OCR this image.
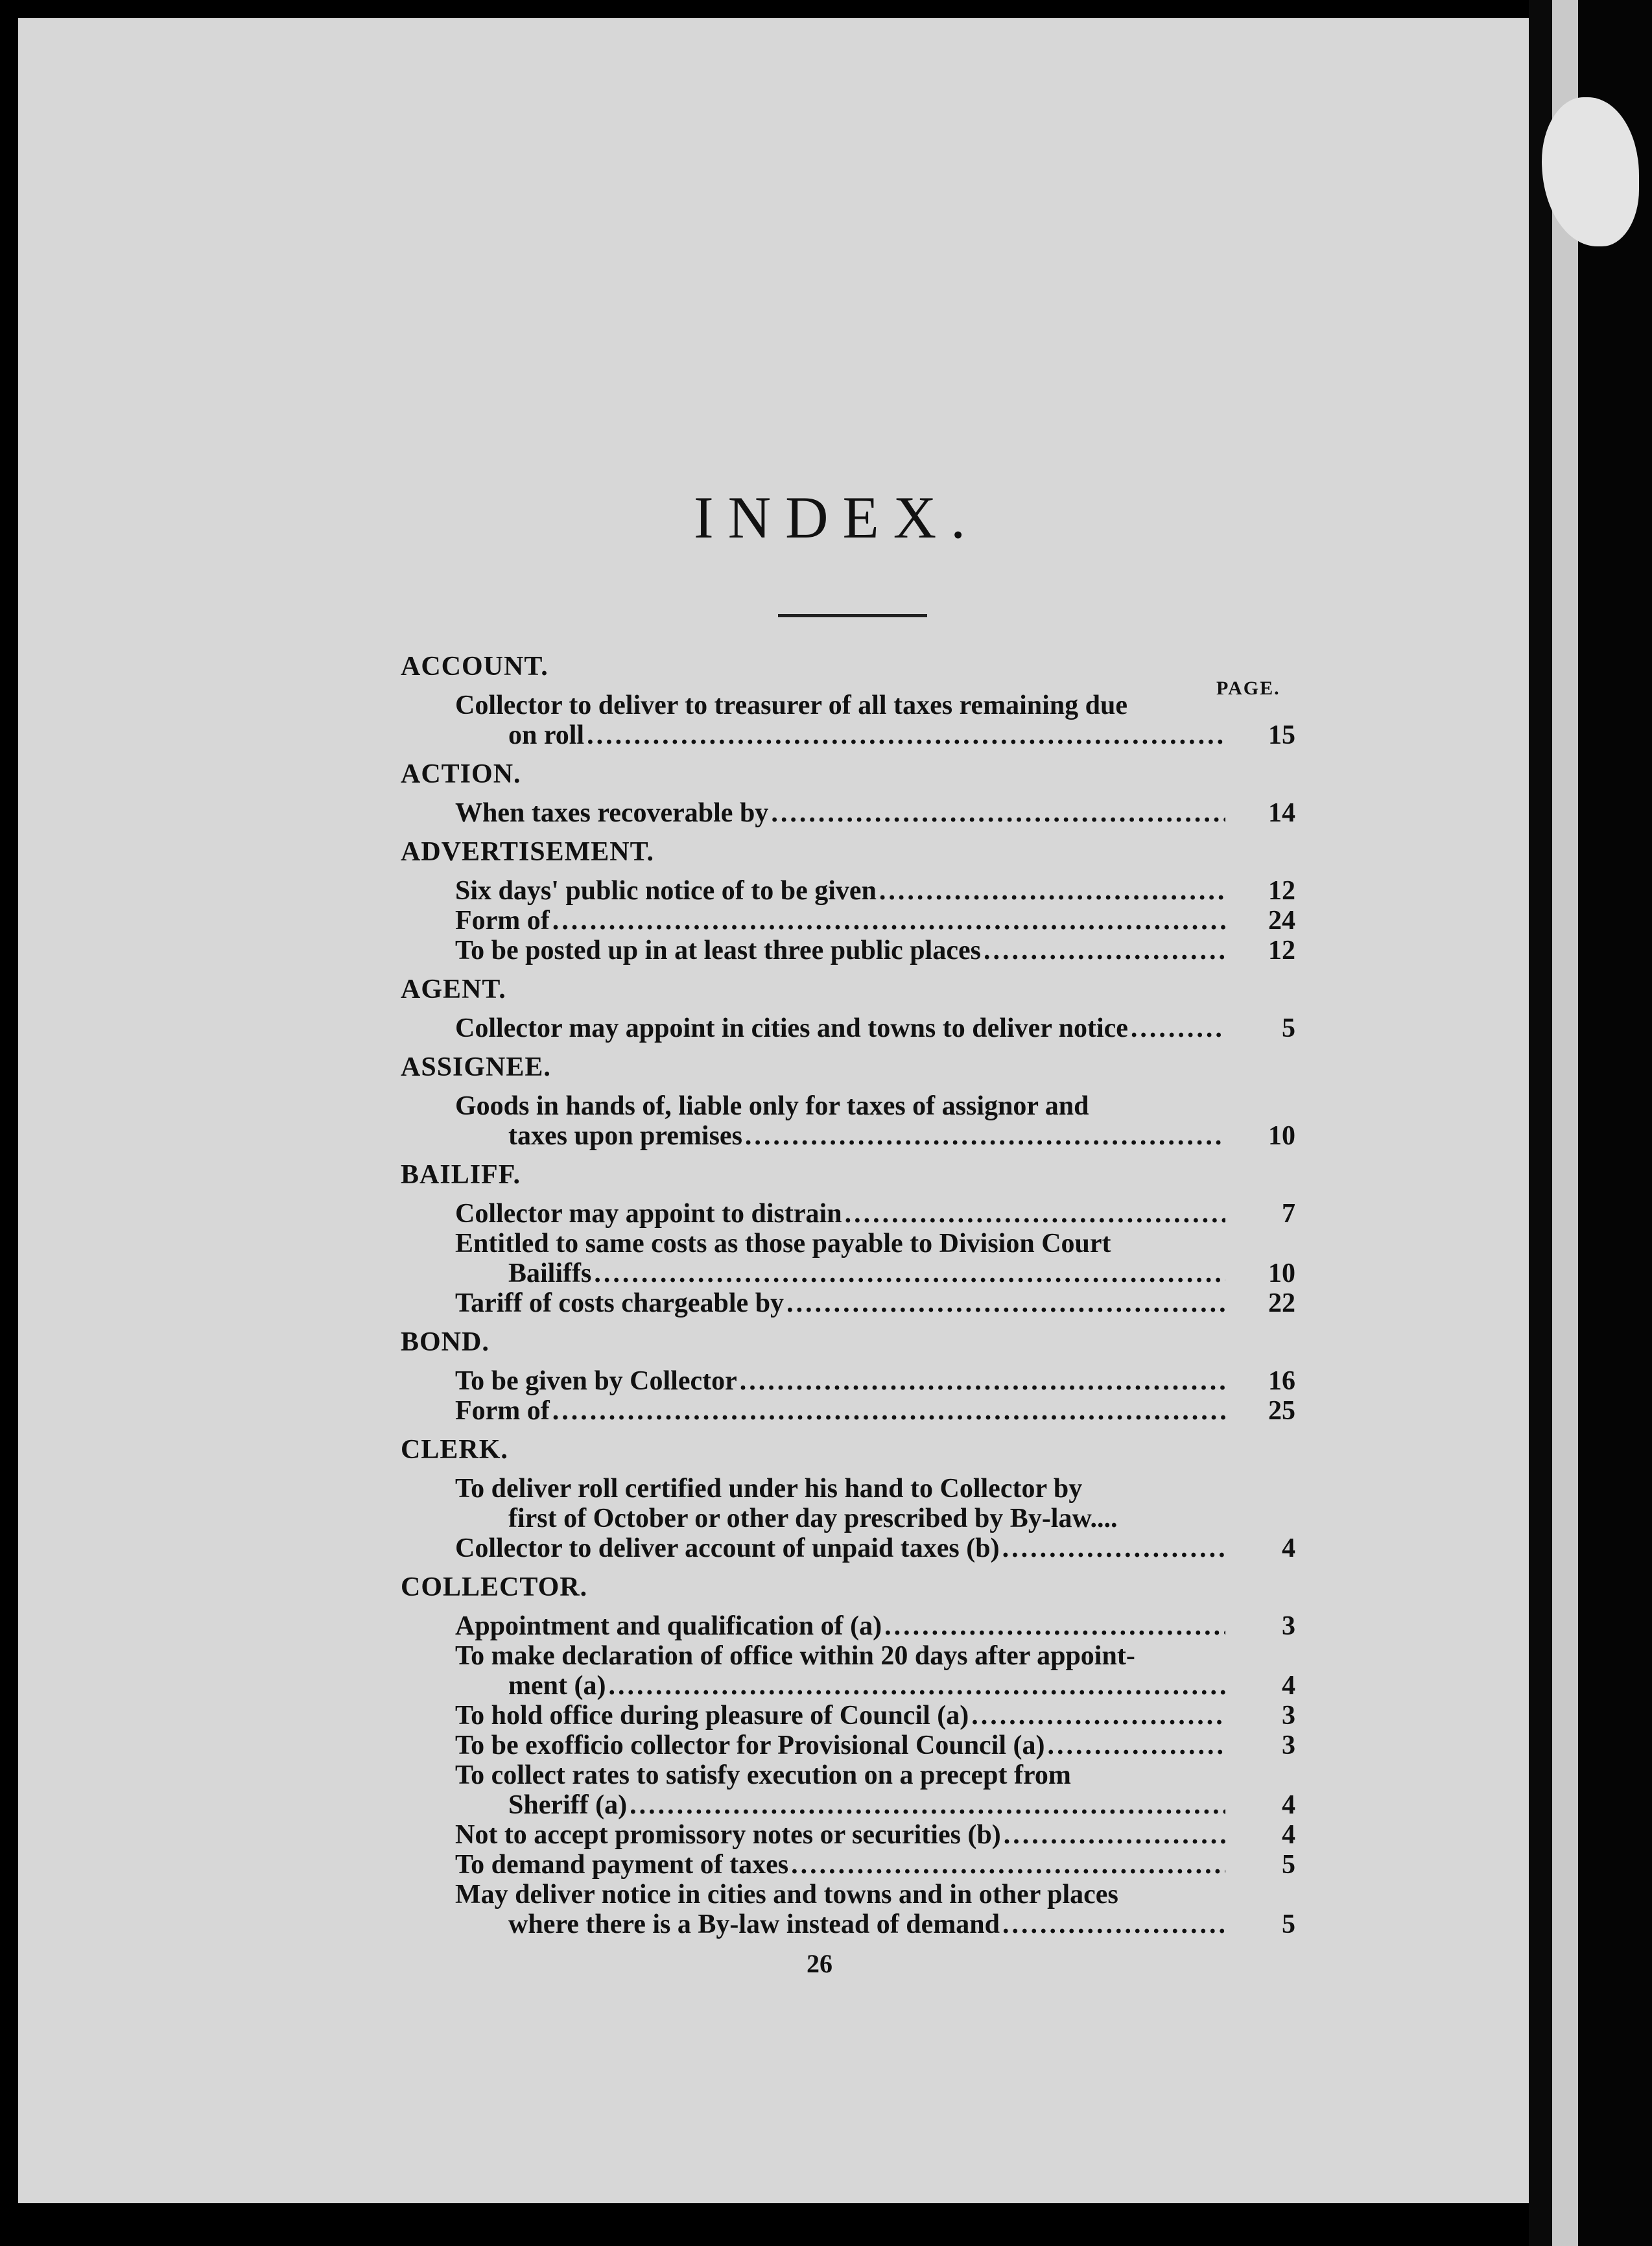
INDEX.
PAGE.
ACCOUNT.
Collector to deliver to treasurer of all taxes remaining due
on roll .....	15
ACTION.
When taxes recoverable by .....	14
ADVERTISEMENT.
Six days' public notice of to be given .....	12
Form of .....	24
To be posted up in at least three public places .....	12
AGENT.
Collector may appoint in cities and towns to deliver notice .....	5
ASSIGNEE.
Goods in hands of, liable only for taxes of assignor and
taxes upon premises .....	10
BAILIFF.
Collector may appoint to distrain .....	7
Entitled to same costs as those payable to Division Court
Bailiffs .....	10
Tariff of costs chargeable by .....	22
BOND.
To be given by Collector .....	16
Form of .....	25
CLERK.
To deliver roll certified under his hand to Collector by
first of October or other day prescribed by By-law....
Collector to deliver account of unpaid taxes (b) .....	4
COLLECTOR.
Appointment and qualification of (a) .....	3
To make declaration of office within 20 days after appoint-
ment (a) .....	4
To hold office during pleasure of Council (a) .....	3
To be exofficio collector for Provisional Council (a) .....	3
To collect rates to satisfy execution on a precept from
Sheriff (a) .....	4
Not to accept promissory notes or securities (b) .....	4
To demand payment of taxes .....	5
May deliver notice in cities and towns and in other places
where there is a By-law instead of demand .....	5
26
